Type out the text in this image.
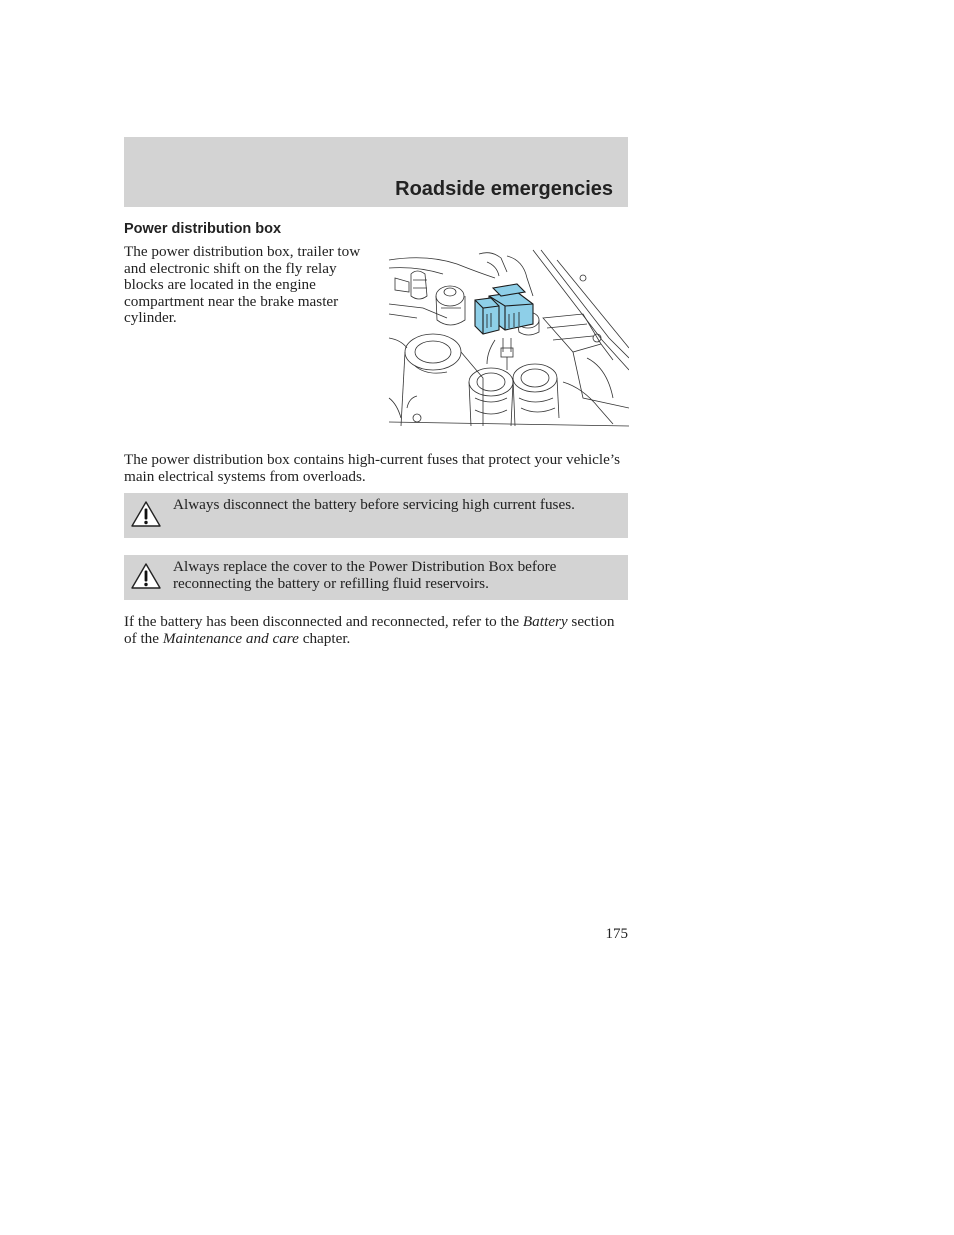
Roadside emergencies
Power distribution box
The power distribution box, trailer tow and electronic shift on the fly relay blocks are located in the engine compartment near the brake master cylinder.
The power distribution box contains high-current fuses that protect your vehicle’s main electrical systems from overloads.
Always disconnect the battery before servicing high current fuses.
Always replace the cover to the Power Distribution Box before reconnecting the battery or refilling fluid reservoirs.
If the battery has been disconnected and reconnected, refer to the Battery section of the Maintenance and care chapter.
175
